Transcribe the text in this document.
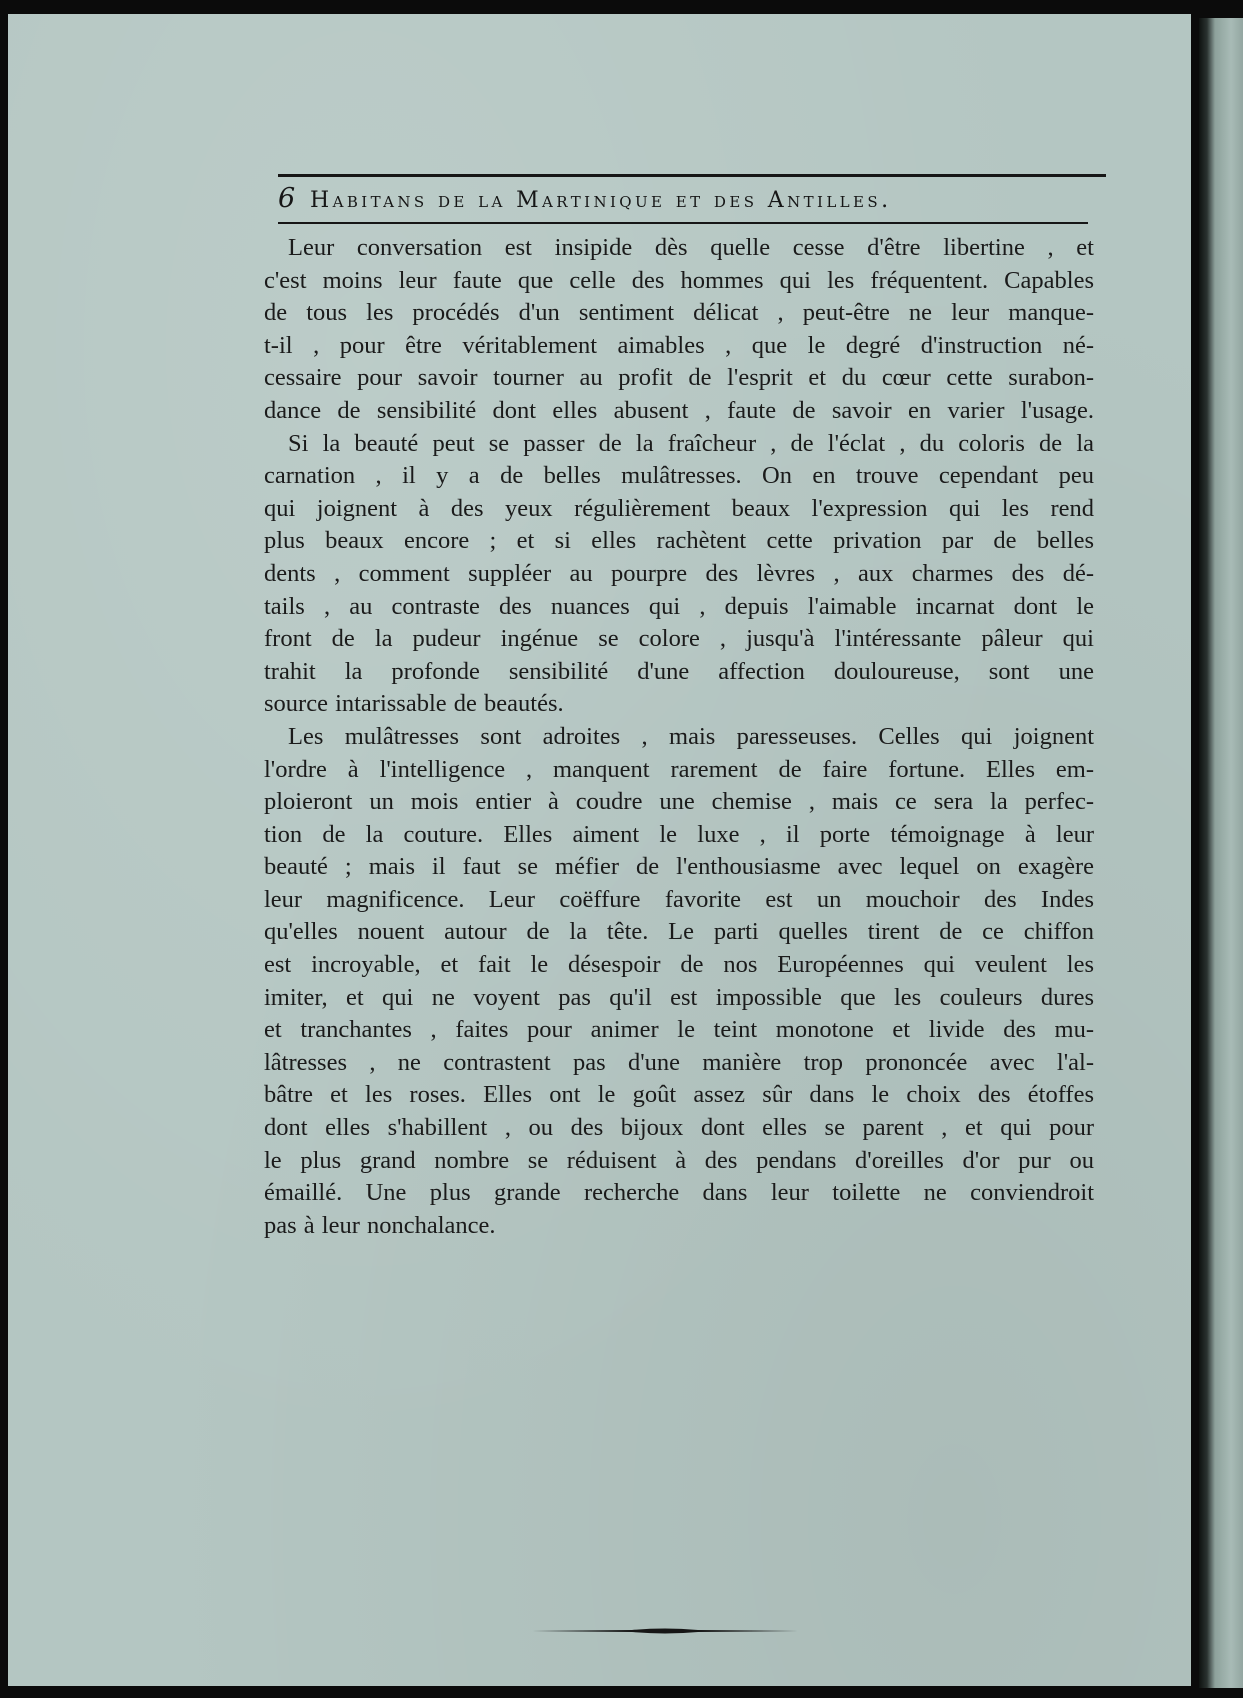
6 Habitans de la Martinique et des Antilles.
Leur conversation est insipide dès quelle cesse d'être libertine , et
c'est moins leur faute que celle des hommes qui les fréquentent. Capables
de tous les procédés d'un sentiment délicat , peut-être ne leur manque-
t-il , pour être véritablement aimables , que le degré d'instruction né-
cessaire pour savoir tourner au profit de l'esprit et du cœur cette surabon-
dance de sensibilité dont elles abusent , faute de savoir en varier l'usage.
Si la beauté peut se passer de la fraîcheur , de l'éclat , du coloris de la
carnation , il y a de belles mulâtresses. On en trouve cependant peu
qui joignent à des yeux régulièrement beaux l'expression qui les rend
plus beaux encore ; et si elles rachètent cette privation par de belles
dents , comment suppléer au pourpre des lèvres , aux charmes des dé-
tails , au contraste des nuances qui , depuis l'aimable incarnat dont le
front de la pudeur ingénue se colore , jusqu'à l'intéressante pâleur qui
trahit la profonde sensibilité d'une affection douloureuse, sont une
source intarissable de beautés.
Les mulâtresses sont adroites , mais paresseuses. Celles qui joignent
l'ordre à l'intelligence , manquent rarement de faire fortune. Elles em-
ploieront un mois entier à coudre une chemise , mais ce sera la perfec-
tion de la couture. Elles aiment le luxe , il porte témoignage à leur
beauté ; mais il faut se méfier de l'enthousiasme avec lequel on exagère
leur magnificence. Leur coëffure favorite est un mouchoir des Indes
qu'elles nouent autour de la tête. Le parti quelles tirent de ce chiffon
est incroyable, et fait le désespoir de nos Européennes qui veulent les
imiter, et qui ne voyent pas qu'il est impossible que les couleurs dures
et tranchantes , faites pour animer le teint monotone et livide des mu-
lâtresses , ne contrastent pas d'une manière trop prononcée avec l'al-
bâtre et les roses. Elles ont le goût assez sûr dans le choix des étoffes
dont elles s'habillent , ou des bijoux dont elles se parent , et qui pour
le plus grand nombre se réduisent à des pendans d'oreilles d'or pur ou
émaillé. Une plus grande recherche dans leur toilette ne conviendroit
pas à leur nonchalance.
